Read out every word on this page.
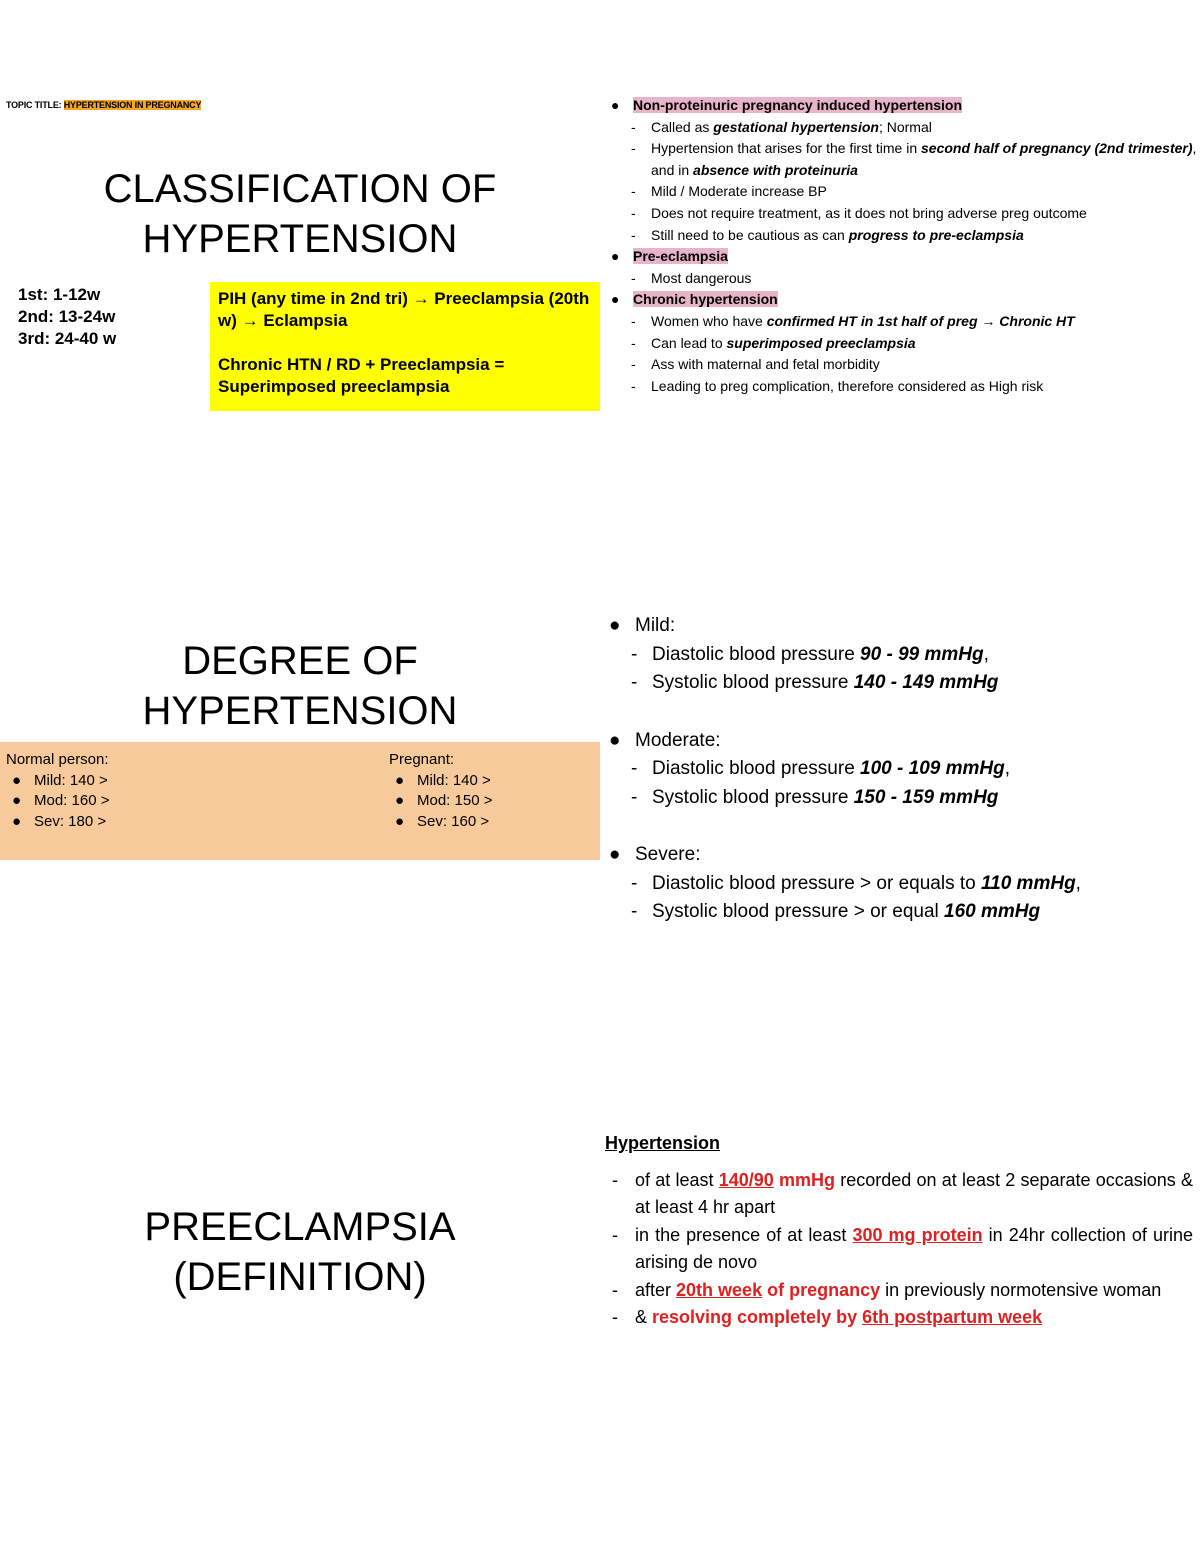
TOPIC TITLE: HYPERTENSION IN PREGNANCY
CLASSIFICATION OF
HYPERTENSION
1st: 1-12w
2nd: 13-24w
3rd: 24-40 w

PIH (any time in 2nd tri) → Preeclampsia (20th w) → Eclampsia

Chronic HTN / RD + Preeclampsia = Superimposed preeclampsia

● Non-proteinuric pregnancy induced hypertension
- Called as gestational hypertension; Normal
- Hypertension that arises for the first time in second half of pregnancy (2nd trimester), and in absence with proteinuria
- Mild / Moderate increase BP
- Does not require treatment, as it does not bring adverse preg outcome
- Still need to be cautious as can progress to pre-eclampsia
● Pre-eclampsia
- Most dangerous
● Chronic hypertension
- Women who have confirmed HT in 1st half of preg → Chronic HT
- Can lead to superimposed preeclampsia
- Ass with maternal and fetal morbidity
- Leading to preg complication, therefore considered as High risk
DEGREE OF
HYPERTENSION
Normal person:
● Mild: 140 >
● Mod: 160 >
● Sev: 180 >
Pregnant:
● Mild: 140 >
● Mod: 150 >
● Sev: 160 >
● Mild:
- Diastolic blood pressure 90 - 99 mmHg,
- Systolic blood pressure 140 - 149 mmHg
● Moderate:
- Diastolic blood pressure 100 - 109 mmHg,
- Systolic blood pressure 150 - 159 mmHg
● Severe:
- Diastolic blood pressure > or equals to 110 mmHg,
- Systolic blood pressure > or equal 160 mmHg
PREECLAMPSIA
(DEFINITION)
Hypertension
- of at least 140/90 mmHg recorded on at least 2 separate occasions & at least 4 hr apart
- in the presence of at least 300 mg protein in 24hr collection of urine arising de novo
- after 20th week of pregnancy in previously normotensive woman
- & resolving completely by 6th postpartum week
